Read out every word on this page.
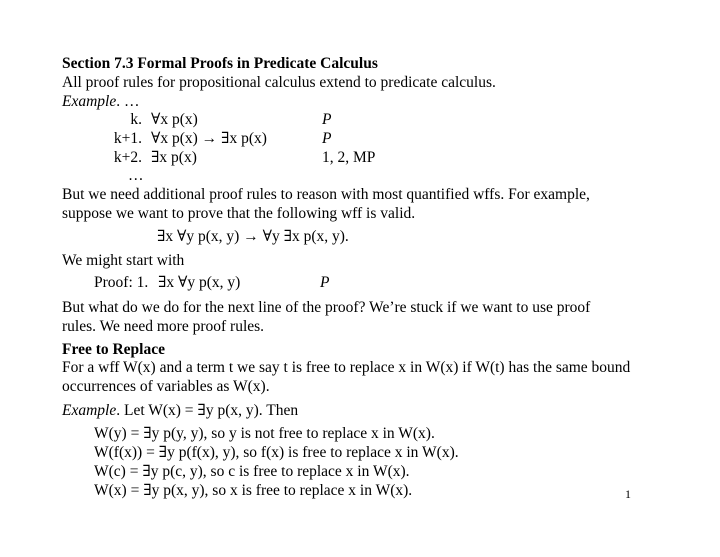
Section 7.3 Formal Proofs in Predicate Calculus
All proof rules for propositional calculus extend to predicate calculus.
Example. …
k. ∀x p(x)	P
k+1. ∀x p(x) → ∃x p(x)	P
k+2. ∃x p(x)	1, 2, MP
…
But we need additional proof rules to reason with most quantified wffs. For example,
suppose we want to prove that the following wff is valid.
∃x ∀y p(x, y) → ∀y ∃x p(x, y).
We might start with
Proof: 1. ∃x ∀y p(x, y)	P
But what do we do for the next line of the proof? We’re stuck if we want to use proof
rules. We need more proof rules.
Free to Replace
For a wff W(x) and a term t we say t is free to replace x in W(x) if W(t) has the same bound
occurrences of variables as W(x).
Example. Let W(x) = ∃y p(x, y). Then
W(y) = ∃y p(y, y), so y is not free to replace x in W(x).
W(f(x)) = ∃y p(f(x), y), so f(x) is free to replace x in W(x).
W(c) = ∃y p(c, y), so c is free to replace x in W(x).
W(x) = ∃y p(x, y), so x is free to replace x in W(x).	1
